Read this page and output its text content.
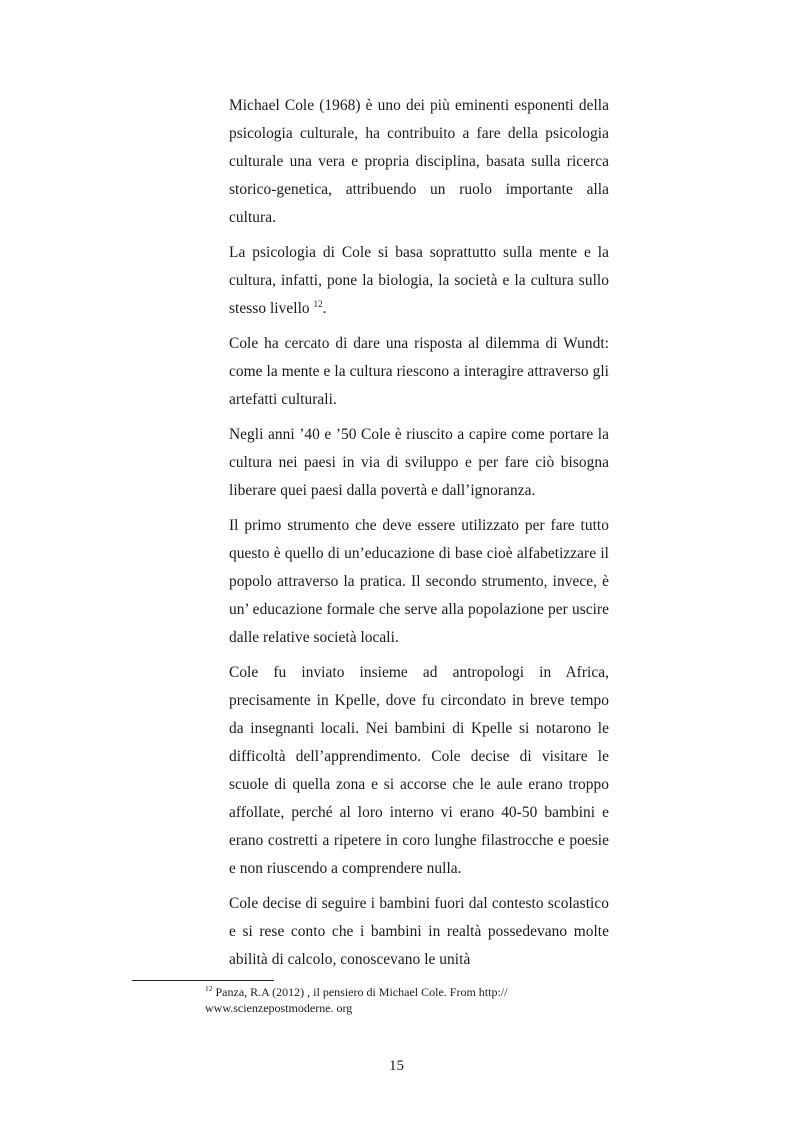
Michael Cole (1968) è uno dei più eminenti esponenti della psicologia culturale, ha contribuito a fare della psicologia culturale una vera e propria disciplina, basata sulla ricerca storico-genetica, attribuendo un ruolo importante alla cultura.

La psicologia di Cole si basa soprattutto sulla mente e la cultura, infatti, pone la biologia, la società e la cultura sullo stesso livello $^{12}$.

Cole ha cercato di dare una risposta al dilemma di Wundt: come la mente e la cultura riescono a interagire attraverso gli artefatti culturali.

Negli anni ’40 e ’50 Cole è riuscito a capire come portare la cultura nei paesi in via di sviluppo e per fare ciò bisogna liberare quei paesi dalla povertà e dall’ignoranza.

Il primo strumento che deve essere utilizzato per fare tutto questo è quello di un’educazione di base cioè alfabetizzare il popolo attraverso la pratica. Il secondo strumento, invece, è un’ educazione formale che serve alla popolazione per uscire dalle relative società locali.

Cole fu inviato insieme ad antropologi in Africa, precisamente in Kpelle, dove fu circondato in breve tempo da insegnanti locali. Nei bambini di Kpelle si notarono le difficoltà dell’apprendimento. Cole decise di visitare le scuole di quella zona e si accorse che le aule erano troppo affollate, perché al loro interno vi erano 40-50 bambini e erano costretti a ripetere in coro lunghe filastrocche e poesie e non riuscendo a comprendere nulla.

Cole decise di seguire i bambini fuori dal contesto scolastico e si rese conto che i bambini in realtà possedevano molte abilità di calcolo, conoscevano le unità

$^{12}$ Panza, R.A (2012) , il pensiero di Michael Cole. From http:// www.scienzepostmoderne. org
15
